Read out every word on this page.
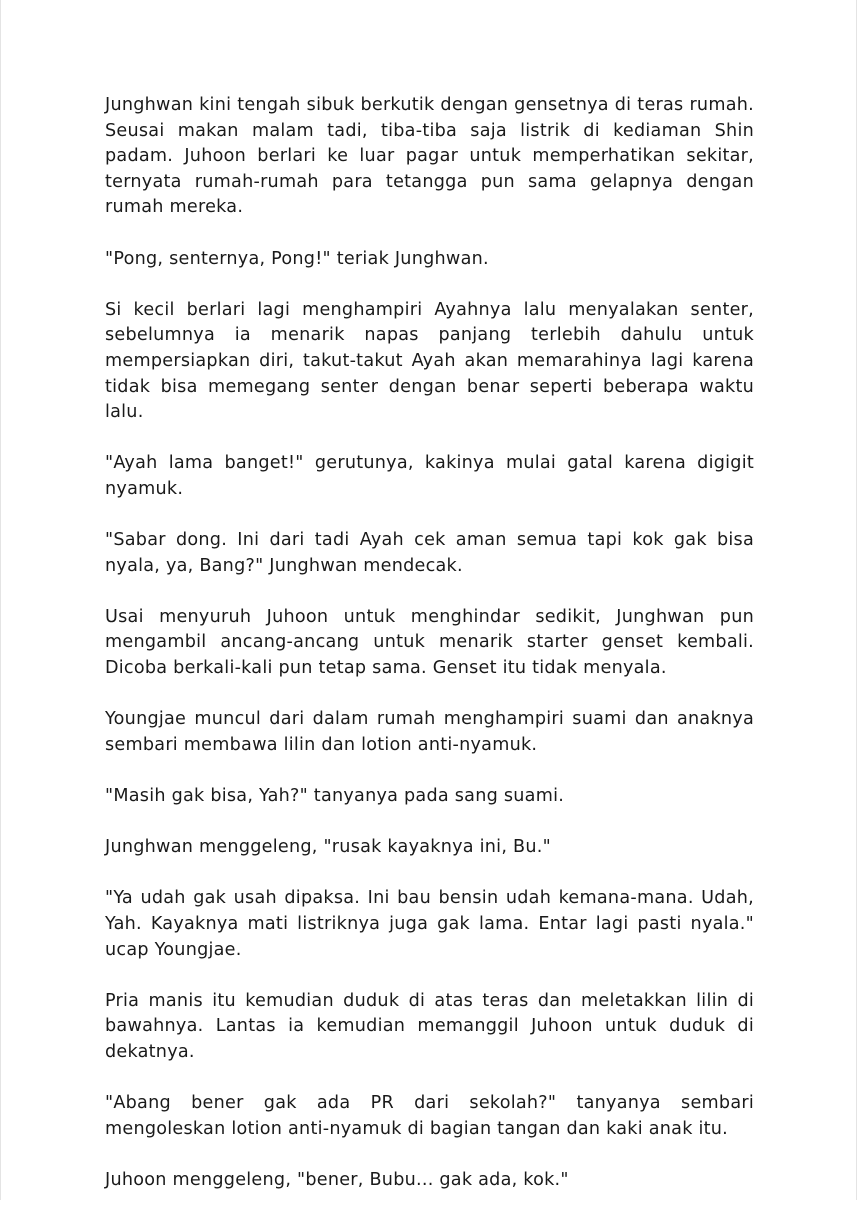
Junghwan kini tengah sibuk berkutik dengan gensetnya di teras rumah. Seusai makan malam tadi, tiba-tiba saja listrik di kediaman Shin padam. Juhoon berlari ke luar pagar untuk memperhatikan sekitar, ternyata rumah-rumah para tetangga pun sama gelapnya dengan rumah mereka.

"Pong, senternya, Pong!" teriak Junghwan.

Si kecil berlari lagi menghampiri Ayahnya lalu menyalakan senter, sebelumnya ia menarik napas panjang terlebih dahulu untuk mempersiapkan diri, takut-takut Ayah akan memarahinya lagi karena tidak bisa memegang senter dengan benar seperti beberapa waktu lalu.

"Ayah lama banget!" gerutunya, kakinya mulai gatal karena digigit nyamuk.

"Sabar dong. Ini dari tadi Ayah cek aman semua tapi kok gak bisa nyala, ya, Bang?" Junghwan mendecak.

Usai menyuruh Juhoon untuk menghindar sedikit, Junghwan pun mengambil ancang-ancang untuk menarik starter genset kembali. Dicoba berkali-kali pun tetap sama. Genset itu tidak menyala.

Youngjae muncul dari dalam rumah menghampiri suami dan anaknya sembari membawa lilin dan lotion anti-nyamuk.

"Masih gak bisa, Yah?" tanyanya pada sang suami.

Junghwan menggeleng, "rusak kayaknya ini, Bu."

"Ya udah gak usah dipaksa. Ini bau bensin udah kemana-mana. Udah, Yah. Kayaknya mati listriknya juga gak lama. Entar lagi pasti nyala." ucap Youngjae.

Pria manis itu kemudian duduk di atas teras dan meletakkan lilin di bawahnya. Lantas ia kemudian memanggil Juhoon untuk duduk di dekatnya.

"Abang bener gak ada PR dari sekolah?" tanyanya sembari mengoleskan lotion anti-nyamuk di bagian tangan dan kaki anak itu.

Juhoon menggeleng, "bener, Bubu... gak ada, kok."
